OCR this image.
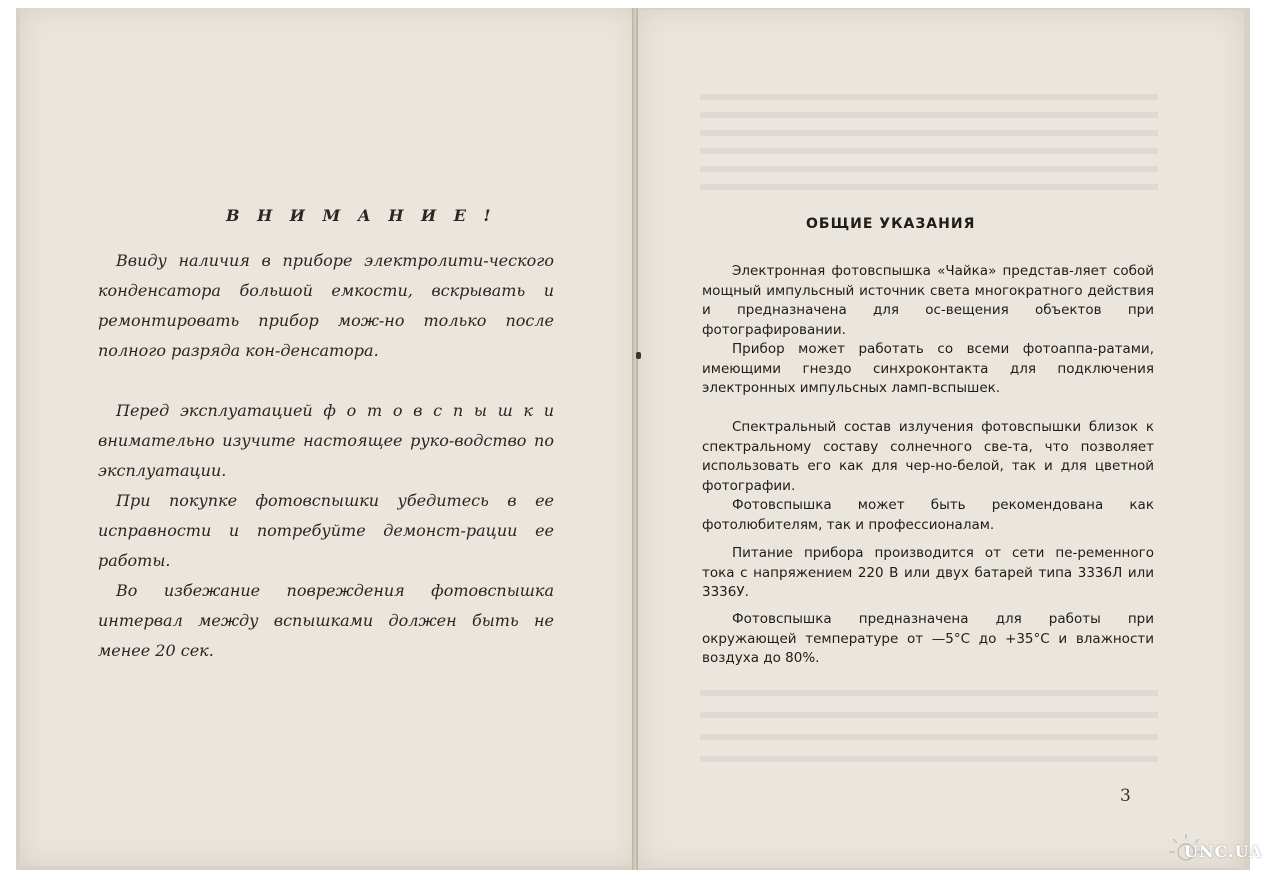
В Н И М А Н И Е !

Ввиду наличия в приборе электролити-ческого конденсатора большой емкости, вскрывать и ремонтировать прибор мож-но только после полного разряда кон-денсатора.

Перед эксплуатацией ф о т о в с п ы ш к и внимательно изучите настоящее руко-водство по эксплуатации.

При покупке фотовспышки убедитесь в ее исправности и потребуйте демонст-рации ее работы.

Во избежание повреждения фотовспышка интервал между вспышками должен быть не менее 20 сек.

ОБЩИЕ УКАЗАНИЯ
Электронная фотовспышка «Чайка» представ-ляет собой мощный импульсный источник света многократного действия и предназначена для ос-вещения объектов при фотографировании.
Прибор может работать со всеми фотоаппа-ратами, имеющими гнездо синхроконтакта для подключения электронных импульсных ламп-вспышек.
Спектральный состав излучения фотовспышки близок к спектральному составу солнечного све-та, что позволяет использовать его как для чер-но-белой, так и для цветной фотографии.
Фотовспышка может быть рекомендована как фотолюбителям, так и профессионалам.
Питание прибора производится от сети пе-ременного тока с напряжением 220 В или двух батарей типа 3336Л или 3336У.
Фотовспышка предназначена для работы при окружающей температуре от —5°С до +35°С и влажности воздуха до 80%.
3
UNC.UA
